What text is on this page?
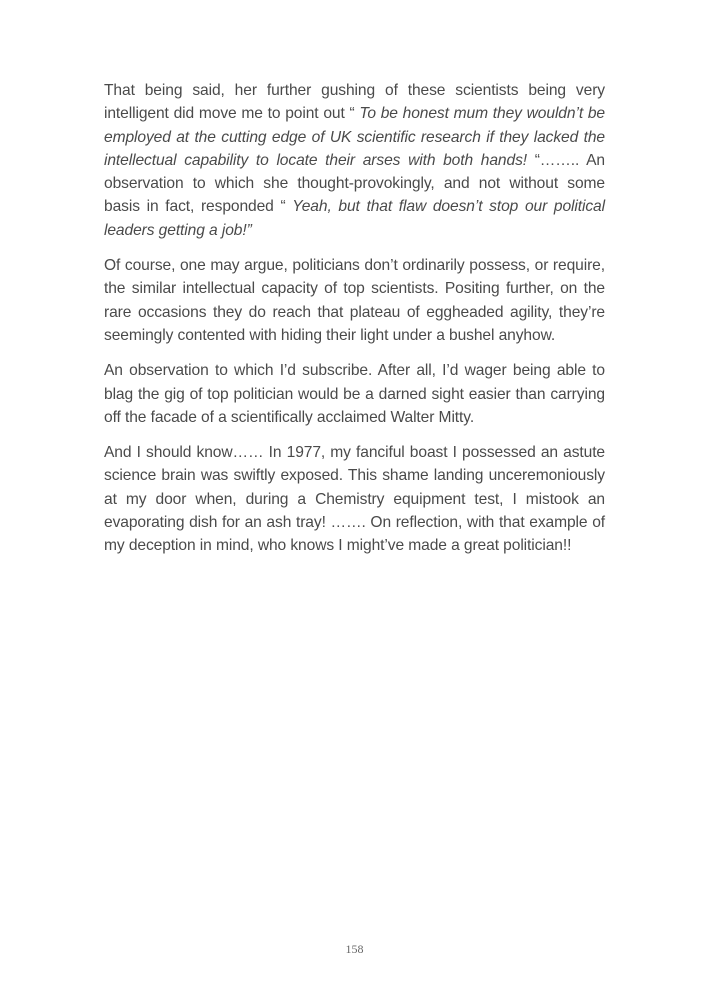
That being said, her further gushing of these scientists being very intelligent did move me to point out “ To be honest mum they wouldn’t be employed at the cutting edge of UK scientific research if they lacked the intellectual capability to locate their arses with both hands! “…….. An observation to which she thought-provokingly, and not without some basis in fact, responded “ Yeah, but that flaw doesn’t stop our political leaders getting a job!”

Of course, one may argue, politicians don’t ordinarily possess, or require, the similar intellectual capacity of top scientists. Positing further, on the rare occasions they do reach that plateau of eggheaded agility, they’re seemingly contented with hiding their light under a bushel anyhow.

An observation to which I’d subscribe. After all, I’d wager being able to blag the gig of top politician would be a darned sight easier than carrying off the facade of a scientifically acclaimed Walter Mitty.

And I should know…… In 1977, my fanciful boast I possessed an astute science brain was swiftly exposed. This shame landing unceremoniously at my door when, during a Chemistry equipment test, I mistook an evaporating dish for an ash tray! ……. On reflection, with that example of my deception in mind, who knows I might’ve made a great politician!!

158
